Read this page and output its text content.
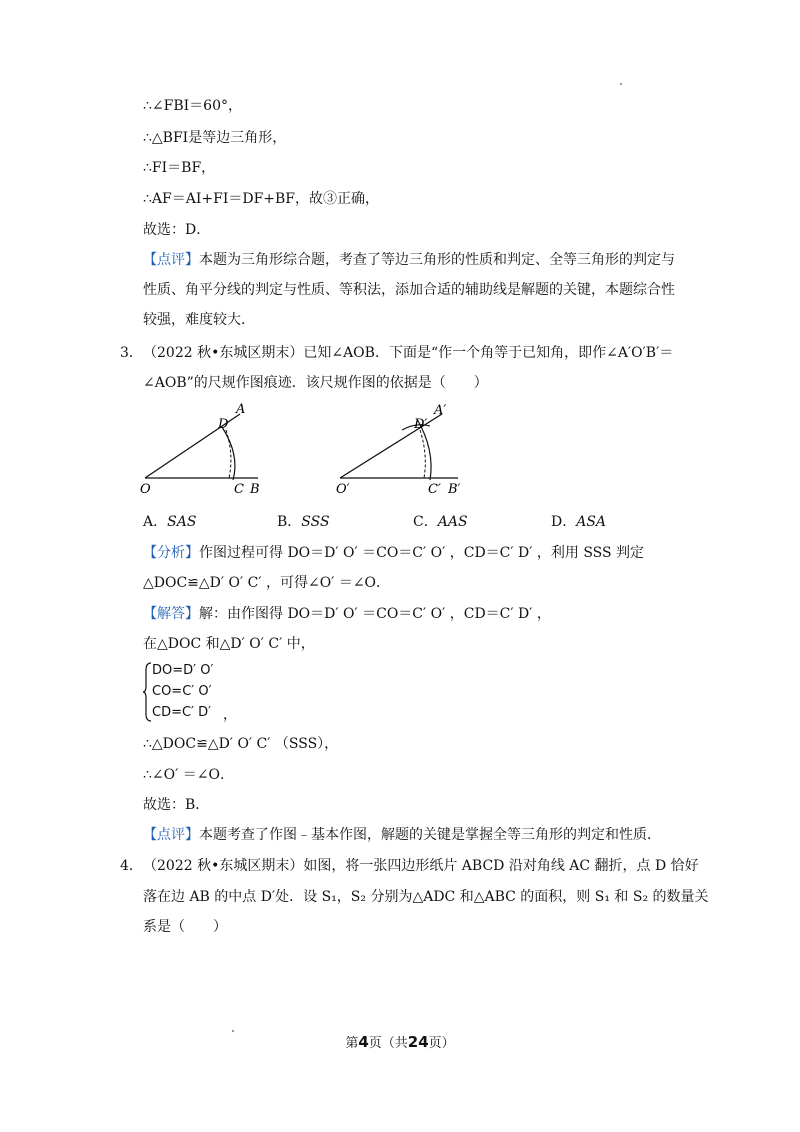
∴∠FBI＝60°，
∴△BFI是等边三角形，
∴FI＝BF，
∴AF＝AI+FI＝DF+BF，故③正确，
故选：D．
【点评】本题为三角形综合题，考查了等边三角形的性质和判定、全等三角形的判定与性质、角平分线的判定与性质、等积法，添加合适的辅助线是解题的关键，本题综合性较强，难度较大．
3． （2022 秋•东城区期末）已知∠AOB．下面是“作一个角等于已知角，即作∠A′O′B′＝
∠AOB”的尺规作图痕迹．该尺规作图的依据是（　　）
O	C B
A
D
O′	C′ B′
A′
D′
A．SAS	B．SSS	C．AAS	D．ASA
【分析】作图过程可得 DO＝D′ O′ ＝CO＝C′ O′ ，CD＝C′ D′ ，利用 SSS 判定
△DOC≌△D′ O′ C′ ，可得∠O′ ＝∠O．
【解答】解：由作图得 DO＝D′ O′ ＝CO＝C′ O′ ，CD＝C′ D′ ，
在△DOC 和△D′ O′ C′ 中，
DO=D′ O′
CO=C′ O′
CD=C′ D′ ，
∴△DOC≌△D′ O′ C′ （SSS），
∴∠O′ ＝∠O．
故选：B．
【点评】本题考查了作图﹣基本作图，解题的关键是掌握全等三角形的判定和性质．
4． （2022 秋•东城区期末）如图，将一张四边形纸片 ABCD 沿对角线 AC 翻折，点 D 恰好
落在边 AB 的中点 D′处．设 S₁，S₂ 分别为△ADC 和△ABC 的面积，则 S₁ 和 S₂ 的数量关
系是（　　）
第4页（共24页）
